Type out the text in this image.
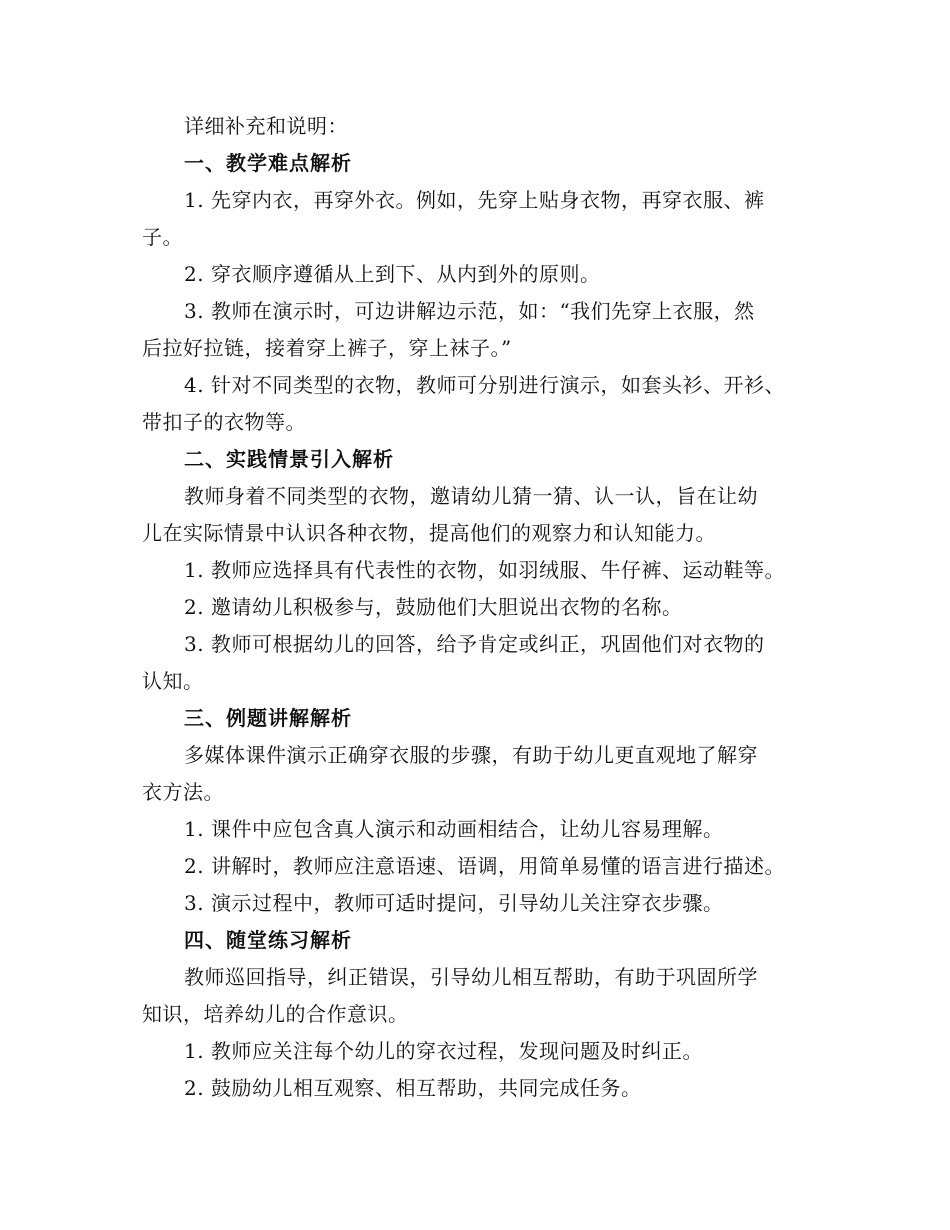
详细补充和说明：
一、教学难点解析
1. 先穿内衣，再穿外衣。例如，先穿上贴身衣物，再穿衣服、裤
子。
2. 穿衣顺序遵循从上到下、从内到外的原则。
3. 教师在演示时，可边讲解边示范，如：“我们先穿上衣服，然
后拉好拉链，接着穿上裤子，穿上袜子。”
4. 针对不同类型的衣物，教师可分别进行演示，如套头衫、开衫、
带扣子的衣物等。
二、实践情景引入解析
教师身着不同类型的衣物，邀请幼儿猜一猜、认一认，旨在让幼
儿在实际情景中认识各种衣物，提高他们的观察力和认知能力。
1. 教师应选择具有代表性的衣物，如羽绒服、牛仔裤、运动鞋等。
2. 邀请幼儿积极参与，鼓励他们大胆说出衣物的名称。
3. 教师可根据幼儿的回答，给予肯定或纠正，巩固他们对衣物的
认知。
三、例题讲解解析
多媒体课件演示正确穿衣服的步骤，有助于幼儿更直观地了解穿
衣方法。
1. 课件中应包含真人演示和动画相结合，让幼儿容易理解。
2. 讲解时，教师应注意语速、语调，用简单易懂的语言进行描述。
3. 演示过程中，教师可适时提问，引导幼儿关注穿衣步骤。
四、随堂练习解析
教师巡回指导，纠正错误，引导幼儿相互帮助，有助于巩固所学
知识，培养幼儿的合作意识。
1. 教师应关注每个幼儿的穿衣过程，发现问题及时纠正。
2. 鼓励幼儿相互观察、相互帮助，共同完成任务。
